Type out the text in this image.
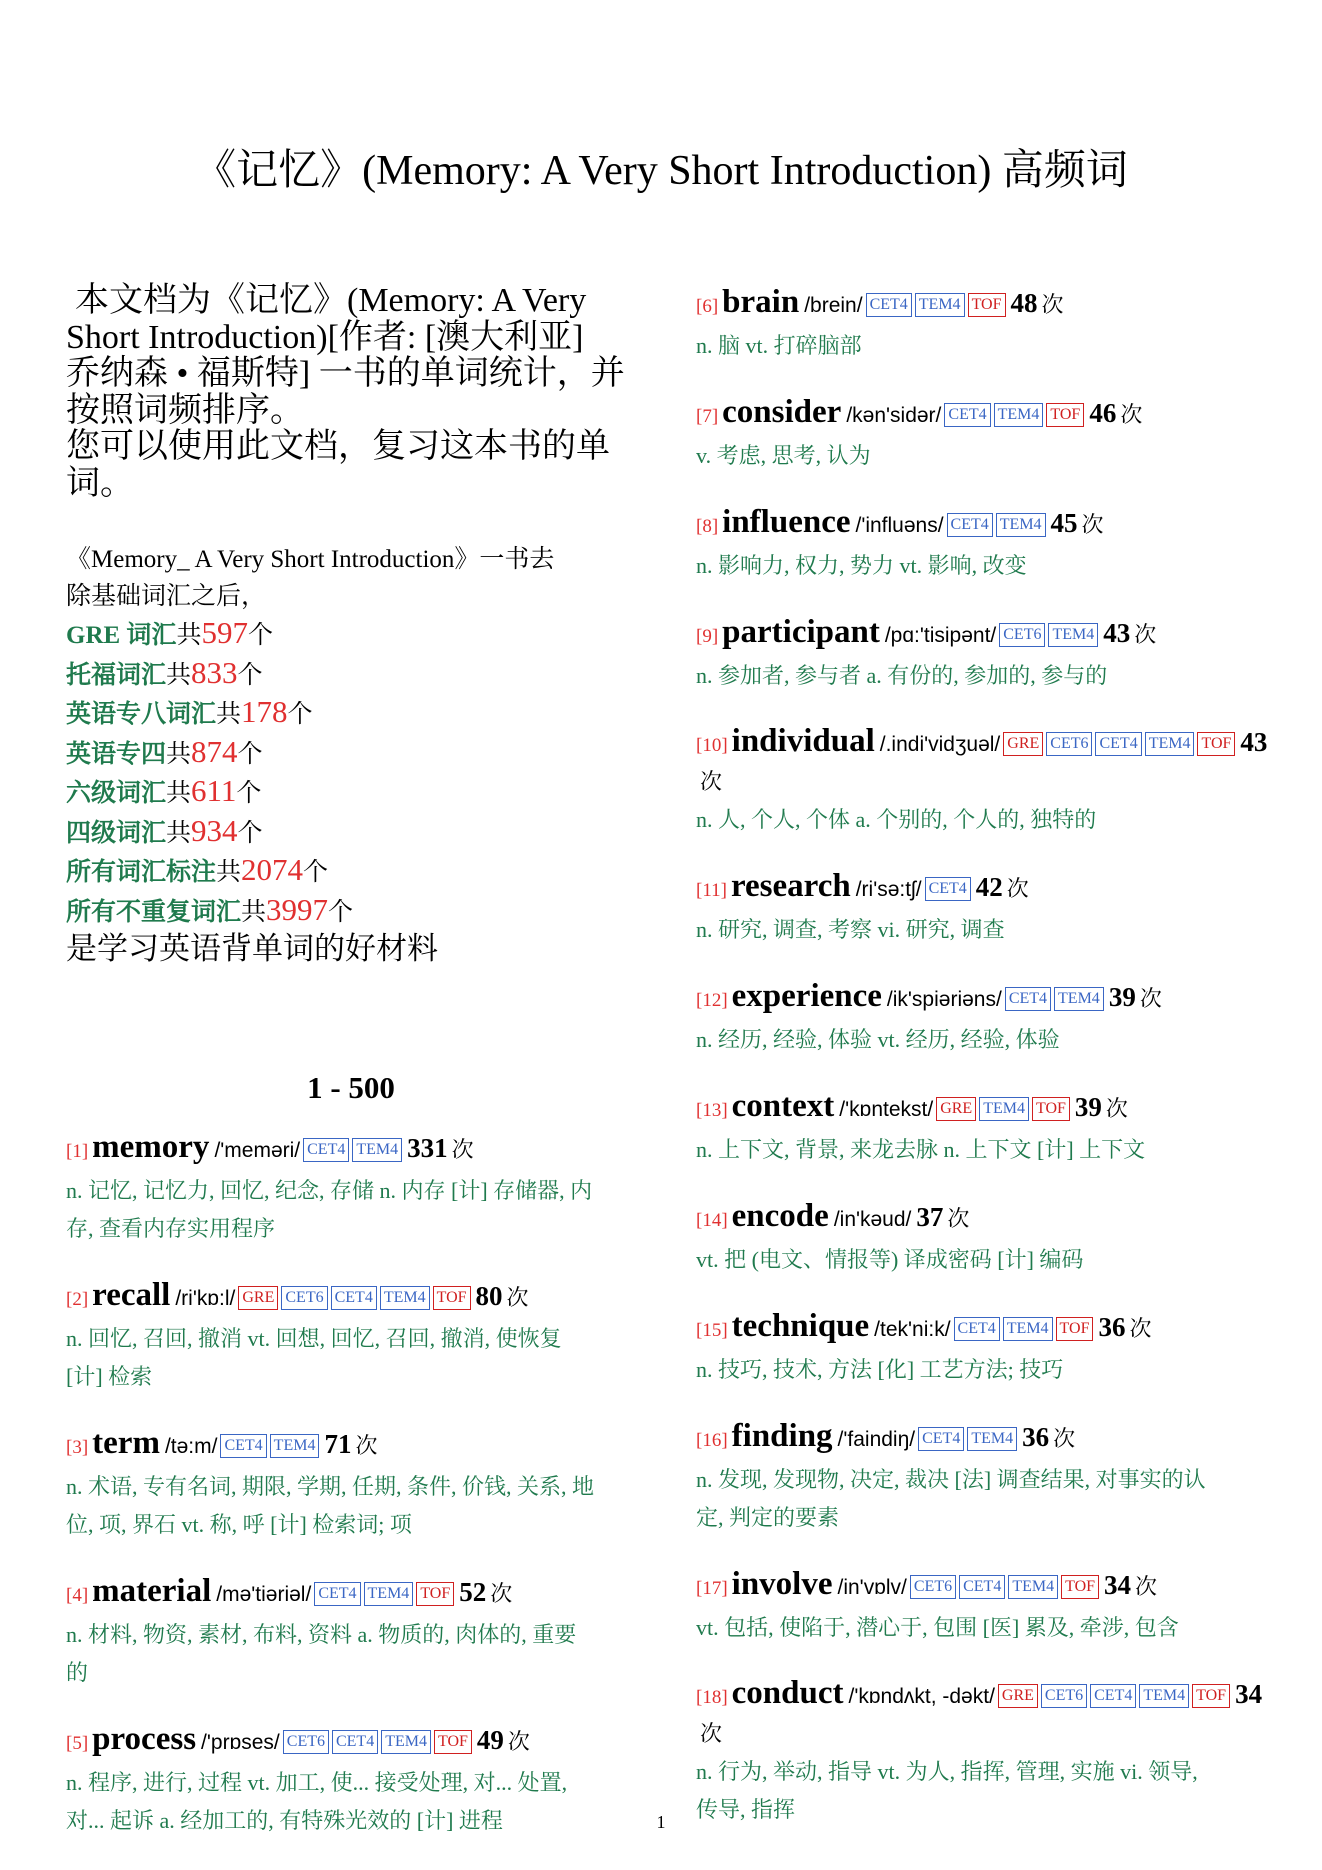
《记忆》(Memory: A Very Short Introduction) 高频词
本文档为《记忆》(Memory: A Very
Short Introduction)[作者: [澳大利亚]
乔纳森 • 福斯特] 一书的单词统计，并
按照词频排序。
您可以使用此文档，复习这本书的单
词。
《Memory_ A Very Short Introduction》一书去
除基础词汇之后，
GRE 词汇共597个
托福词汇共833个
英语专八词汇共178个
英语专四共874个
六级词汇共611个
四级词汇共934个
所有词汇标注共2074个
所有不重复词汇共3997个
是学习英语背单词的好材料
1 - 500
[1] memory /'meməri/ CET4 TEM4 331 次
n. 记忆, 记忆力, 回忆, 纪念, 存储 n. 内存 [计] 存储器, 内
存, 查看内存实用程序
[2] recall /ri'kɒ:l/ GRE CET6 CET4 TEM4 TOF 80 次
n. 回忆, 召回, 撤消 vt. 回想, 回忆, 召回, 撤消, 使恢复
[计] 检索
[3] term /tə:m/ CET4 TEM4 71 次
n. 术语, 专有名词, 期限, 学期, 任期, 条件, 价钱, 关系, 地
位, 项, 界石 vt. 称, 呼 [计] 检索词; 项
[4] material /mə'tiəriəl/ CET4 TEM4 TOF 52 次
n. 材料, 物资, 素材, 布料, 资料 a. 物质的, 肉体的, 重要
的
[5] process /'prɒses/ CET6 CET4 TEM4 TOF 49 次
n. 程序, 进行, 过程 vt. 加工, 使... 接受处理, 对... 处置,
对... 起诉 a. 经加工的, 有特殊光效的 [计] 进程
[6] brain /brein/ CET4 TEM4 TOF 48 次
n. 脑 vt. 打碎脑部
[7] consider /kən'sidər/ CET4 TEM4 TOF 46 次
v. 考虑, 思考, 认为
[8] influence /'influəns/ CET4 TEM4 45 次
n. 影响力, 权力, 势力 vt. 影响, 改变
[9] participant /pɑ:'tisipənt/ CET6 TEM4 43 次
n. 参加者, 参与者 a. 有份的, 参加的, 参与的
[10] individual /.indi'vidʒuəl/ GRE CET6 CET4 TEM4 TOF 43次
n. 人, 个人, 个体 a. 个别的, 个人的, 独特的
[11] research /ri'sə:tʃ/ CET4 42 次
n. 研究, 调查, 考察 vi. 研究, 调查
[12] experience /ik'spiəriəns/ CET4 TEM4 39 次
n. 经历, 经验, 体验 vt. 经历, 经验, 体验
[13] context /'kɒntekst/ GRE TEM4 TOF 39 次
n. 上下文, 背景, 来龙去脉 n. 上下文 [计] 上下文
[14] encode /in'kəud/ 37 次
vt. 把 (电文、情报等) 译成密码 [计] 编码
[15] technique /tek'ni:k/ CET4 TEM4 TOF 36 次
n. 技巧, 技术, 方法 [化] 工艺方法; 技巧
[16] finding /'faindiŋ/ CET4 TEM4 36 次
n. 发现, 发现物, 决定, 裁决 [法] 调查结果, 对事实的认
定, 判定的要素
[17] involve /in'vɒlv/ CET6 CET4 TEM4 TOF 34 次
vt. 包括, 使陷于, 潜心于, 包围 [医] 累及, 牵涉, 包含
[18] conduct /'kɒndʌkt, -dəkt/ GRE CET6 CET4 TEM4 TOF 34次
n. 行为, 举动, 指导 vt. 为人, 指挥, 管理, 实施 vi. 领导,
传导, 指挥
1
